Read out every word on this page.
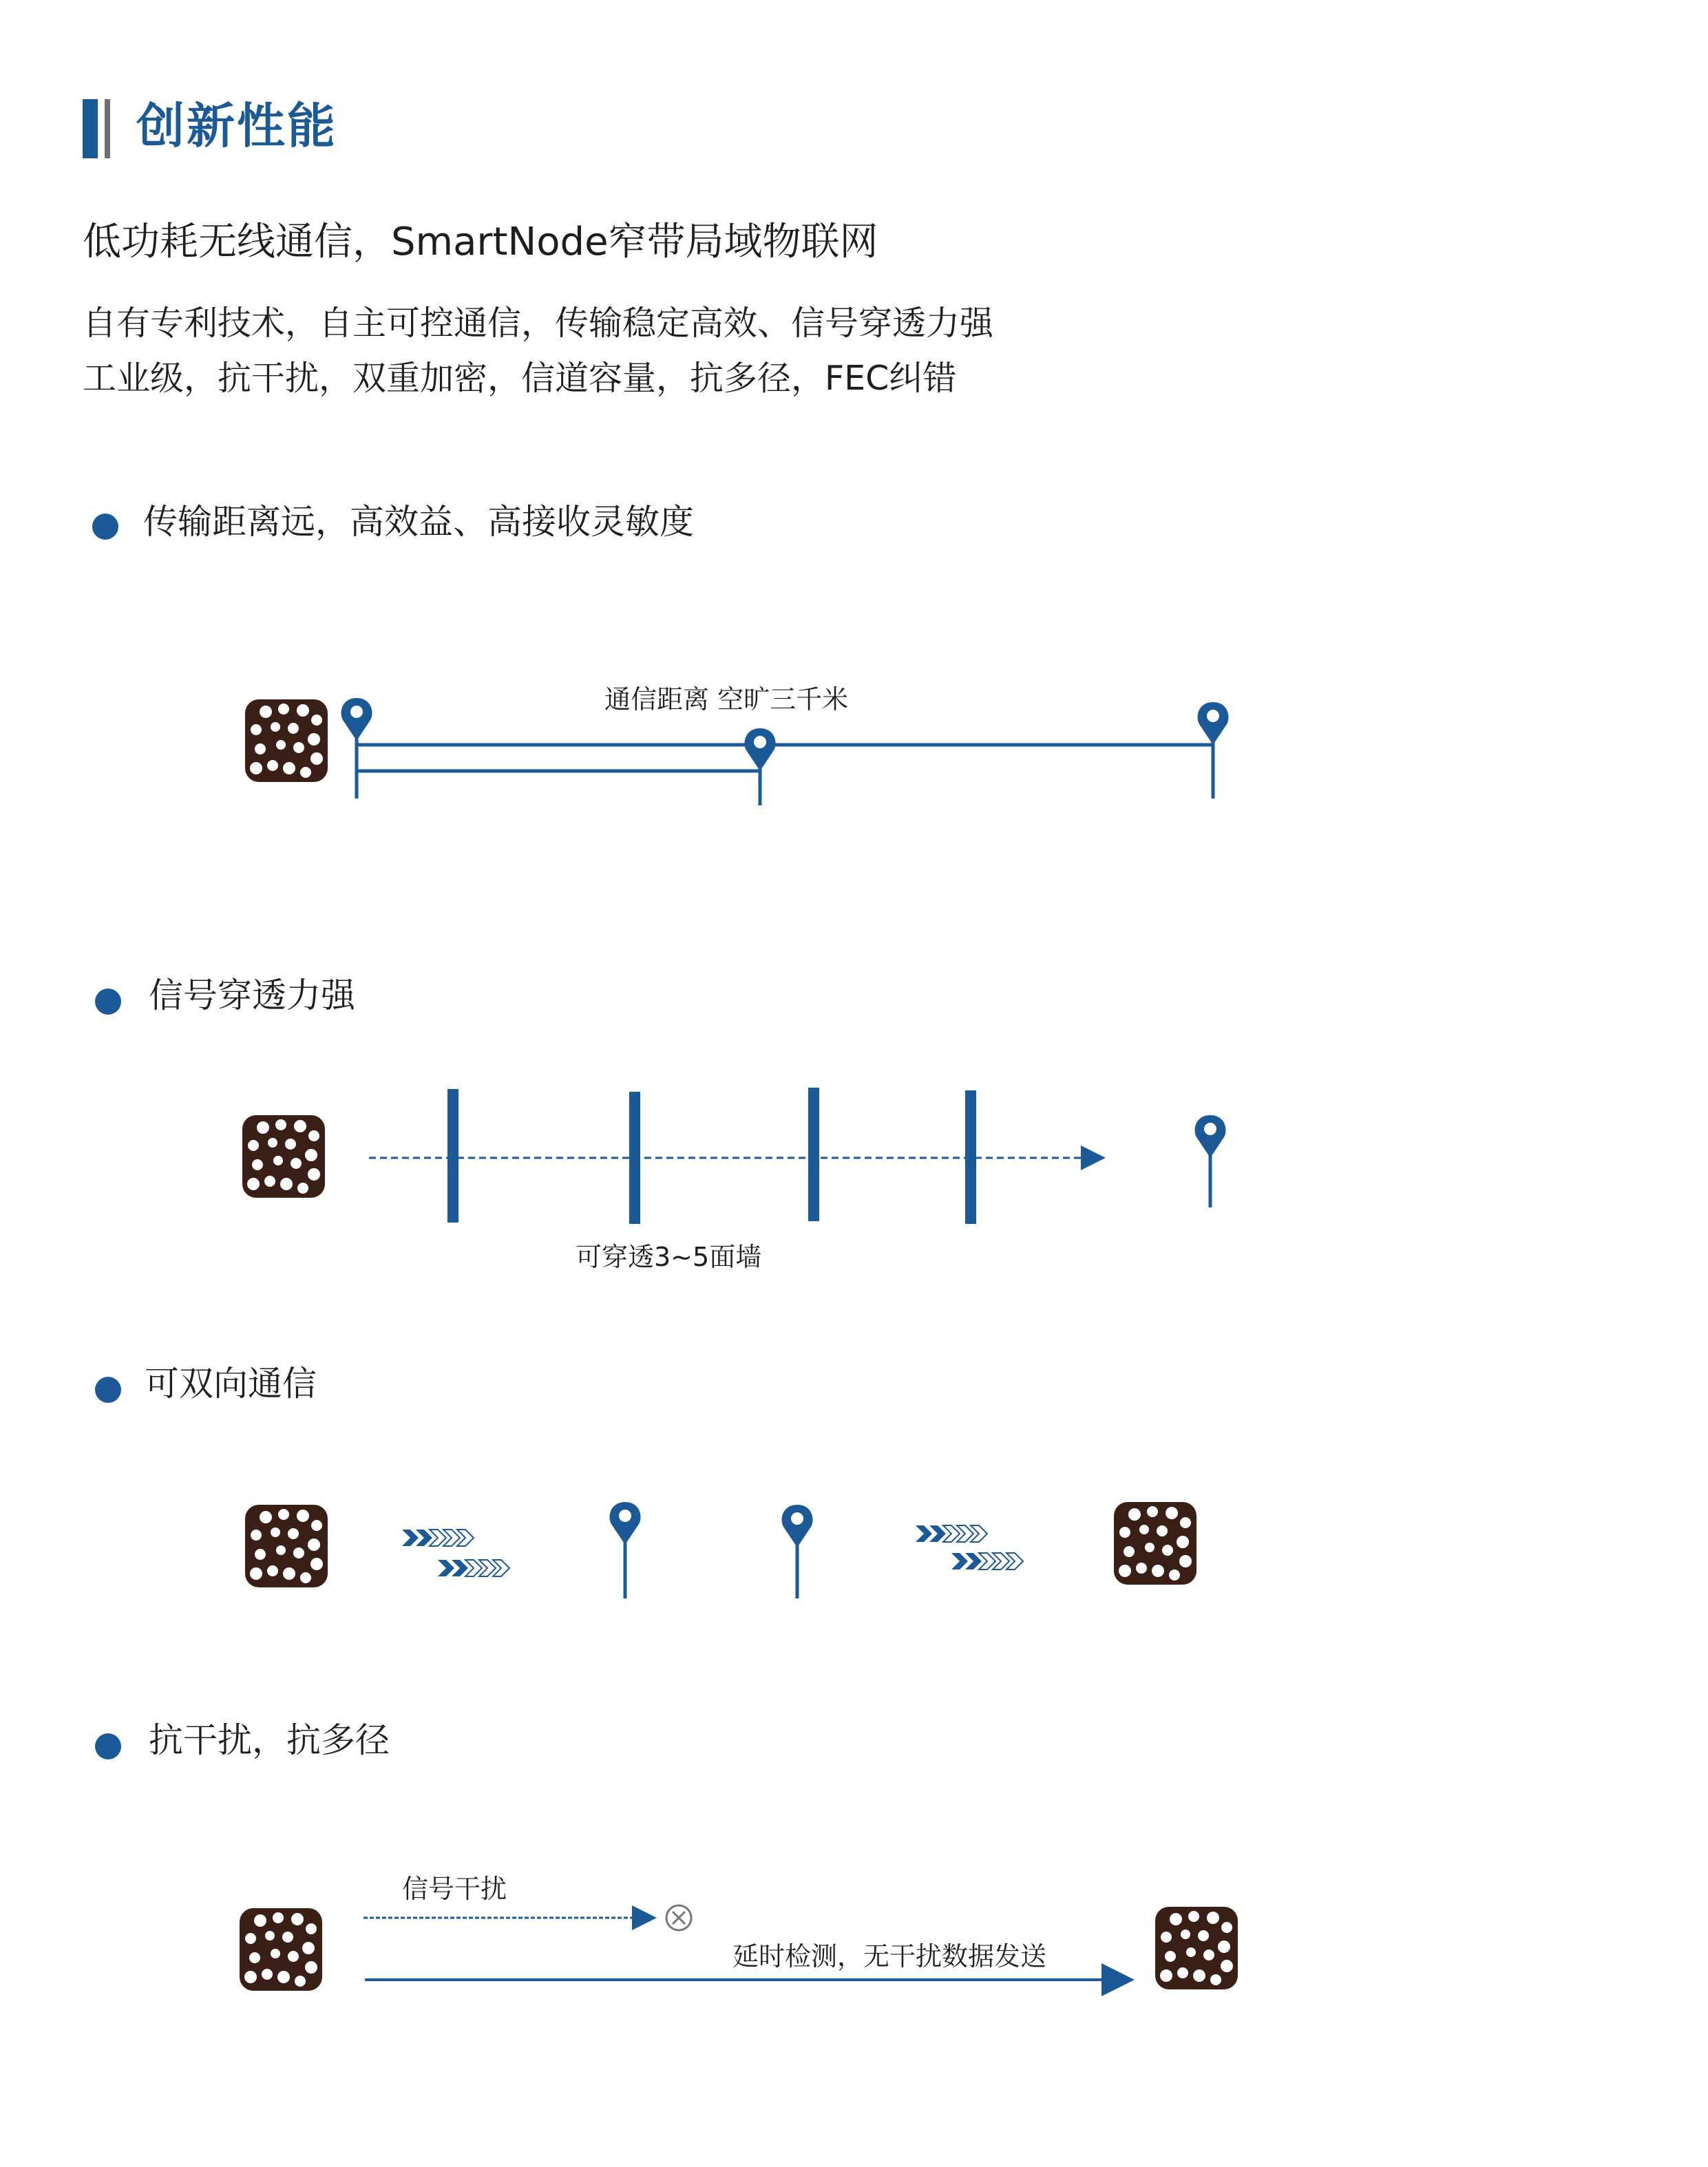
创新性能
低功耗无线通信，SmartNode窄带局域物联网
自有专利技术，自主可控通信，传输稳定高效、信号穿透力强
工业级，抗干扰，双重加密，信道容量，抗多径，FEC纠错
传输距离远，高效益、高接收灵敏度
通信距离 空旷三千米
信号穿透力强
可穿透3~5面墙
可双向通信
抗干扰，抗多径
信号干扰
延时检测，无干扰数据发送
